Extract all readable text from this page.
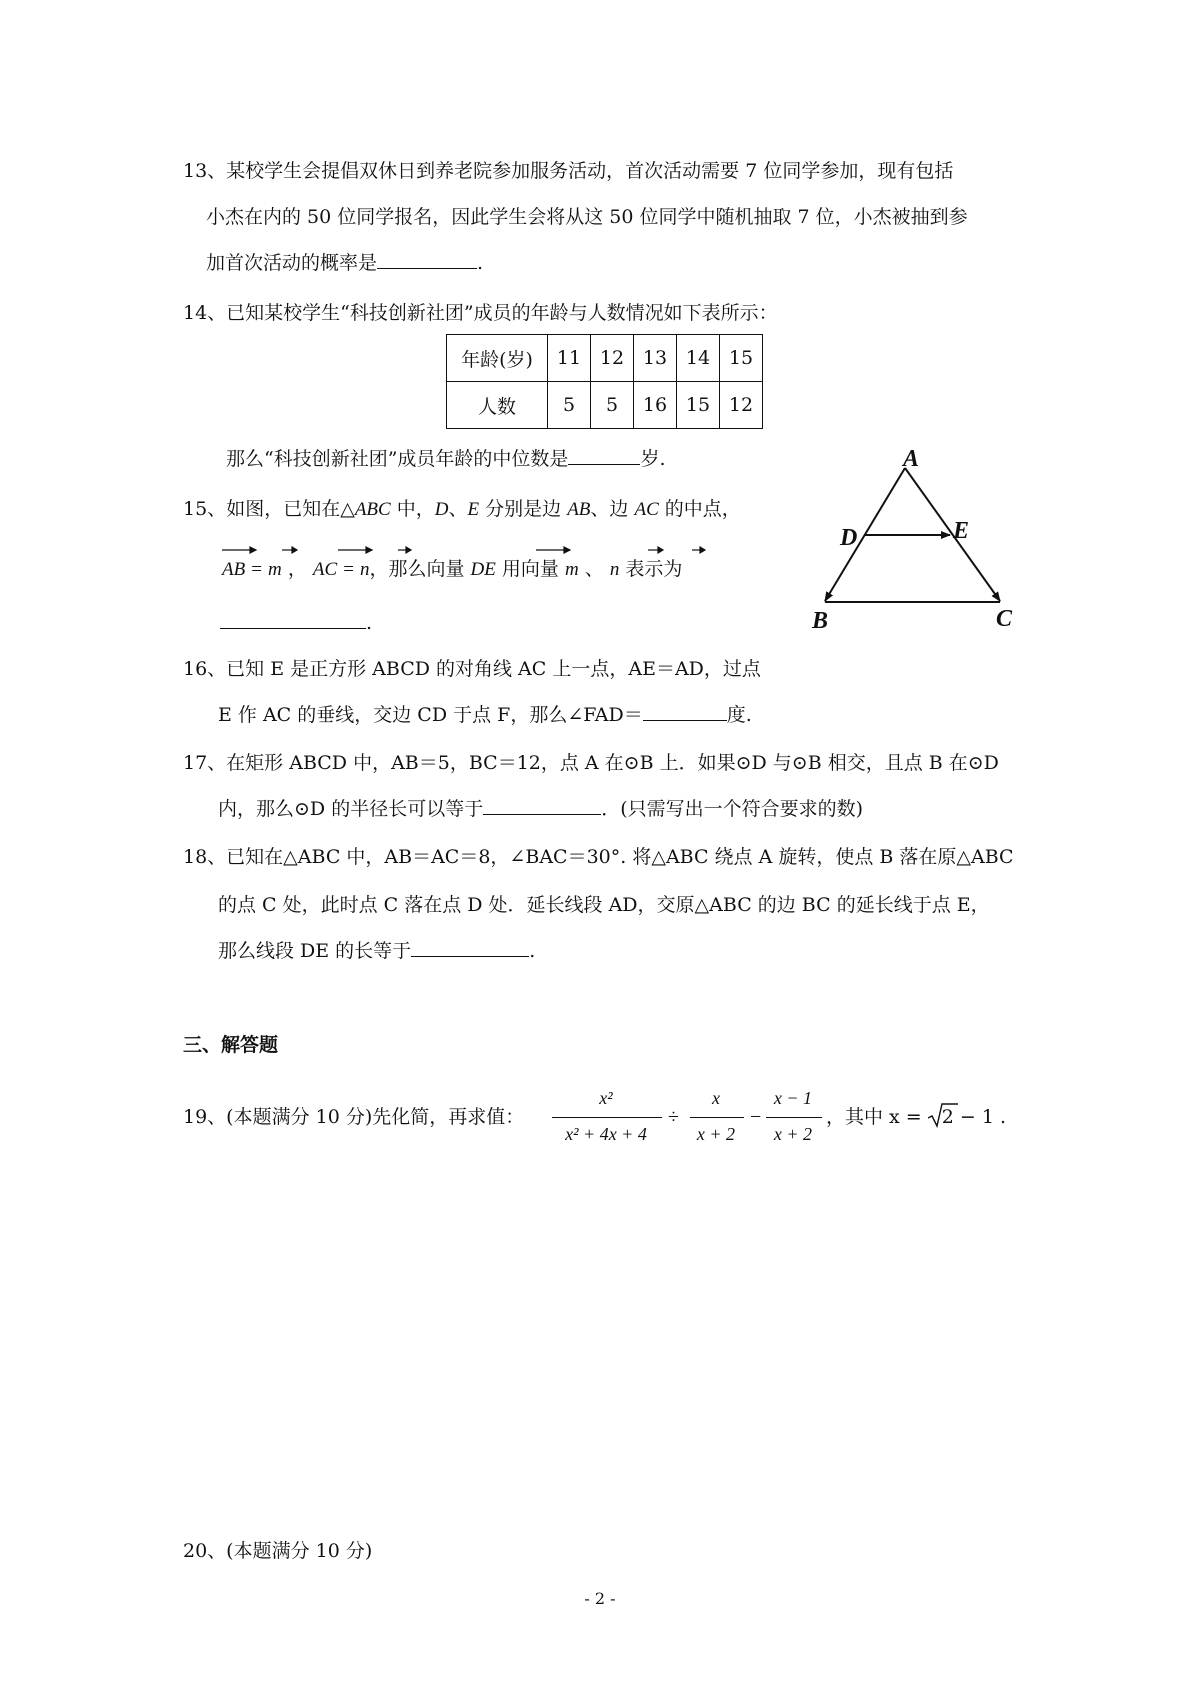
13、某校学生会提倡双休日到养老院参加服务活动，首次活动需要 7 位同学参加，现有包括
小杰在内的 50 位同学报名，因此学生会将从这 50 位同学中随机抽取 7 位，小杰被抽到参
加首次活动的概率是	.
14、已知某校学生“科技创新社团”成员的年龄与人数情况如下表所示：
年龄(岁)	11	12	13	14	15
人数	5	5	16	15	12
那么“科技创新社团”成员年龄的中位数是	岁.
15、如图，已知在△ABC 中，D、E 分别是边 AB、边 AC 的中点，
AB = m ， AC = n，那么向量 DE 用向量 m 、 n 表示为
.
A
D	E
B	C
16、已知 E 是正方形 ABCD 的对角线 AC 上一点，AE＝AD，过点
E 作 AC 的垂线，交边 CD 于点 F，那么∠FAD＝	度.
17、在矩形 ABCD 中，AB＝5，BC＝12，点 A 在⊙B 上．如果⊙D 与⊙B 相交，且点 B 在⊙D
内，那么⊙D 的半径长可以等于	．(只需写出一个符合要求的数)
18、已知在△ABC 中，AB＝AC＝8，∠BAC＝30°. 将△ABC 绕点 A 旋转，使点 B 落在原△ABC
的点 C 处，此时点 C 落在点 D 处．延长线段 AD，交原△ABC 的边 BC 的延长线于点 E，
那么线段 DE 的长等于	.
三、解答题
19、(本题满分 10 分)先化简，再求值：
x²
x² + 4x + 4
÷
x
x + 2
−
x − 1
x + 2
，其中 x =
2 − 1 .
20、(本题满分 10 分)
- 2 -
